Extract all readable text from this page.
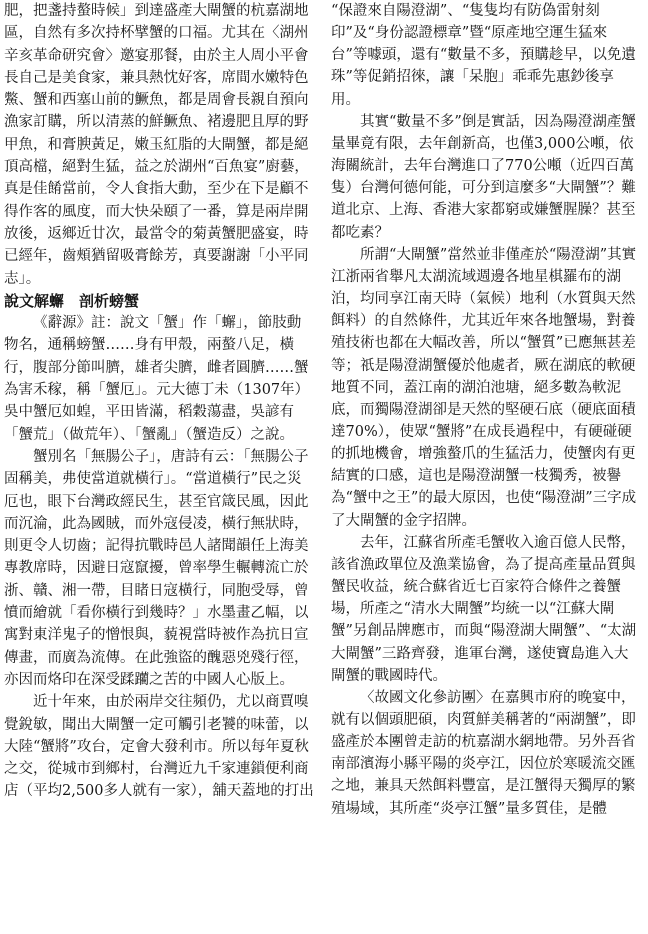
肥，把盞持螯時候」到達盛產大閘蟹的杭嘉湖地區，自然有多次持杯擘蟹的口福。尤其在〈湖州辛亥革命研究會〉邀宴那餐，由於主人周小平會長自己是美食家，兼具熱忱好客，席間水嫩特色鱉、蟹和西塞山前的鱖魚，都是周會長親自預向漁家訂購，所以清蒸的鮮鱖魚、褚邊肥且厚的野甲魚，和膏腴黃足，嫩玉紅脂的大閘蟹，都是絕頂高檔，絕對生猛，益之於湖州“百魚宴”廚藝，真是佳餚當前，令人食指大動，至少在下是顧不得作客的風度，而大快朵頤了一番，算是兩岸開放後，返鄉近廿次，最當令的菊黃蟹肥盛宴，時已經年，齒頰猶留吸膏餘芳，真要謝謝「小平同志」。

說文解蠏　剖析螃蟹

《辭源》註：說文「蟹」作「蠏」，節肢動物名，通稱螃蟹……身有甲殼，兩螯八足，橫行，腹部分節叫臍，雄者尖臍，雌者圓臍……蟹為害禾稼，稱「蟹厄」。元大德丁未（1307年）吳中蟹厄如蝗，平田皆滿，稻穀蕩盡，吳諺有「蟹荒」（做荒年）、「蟹亂」（蟹造反）之說。

蟹別名「無腸公子」，唐詩有云：「無腸公子固稱美，弗使當道就橫行」。“當道橫行”民之災厄也，眼下台灣政經民生，甚至官箴民風，因此而沉淪，此為國賊，而外寇侵凌，橫行無狀時，則更令人切齒；記得抗戰時邑人諸聞韻任上海美專教席時，因避日寇竄擾，曾率學生輾轉流亡於浙、贛、湘一帶，目睹日寇橫行，同胞受辱，曾憤而繪就「看你橫行到幾時？」水墨畫乙幅，以寓對東洋鬼子的憎恨與，藐視當時被作為抗日宣傳畫，而廣為流傳。在此強盜的醜惡兇殘行徑，亦因而烙印在深受蹂躪之苦的中國人心版上。

近十年來，由於兩岸交往頻仍，尤以商賈嗅覺銳敏，聞出大閘蟹一定可觸引老饕的味蕾，以大陸“蟹將”攻台，定會大發利市。所以每年夏秋之交，從城市到鄉村，台灣近九千家連鎖便利商店（平均2,500多人就有一家），舖天蓋地的打出

“保證來自陽澄湖”、“隻隻均有防偽雷射刻印”及“身份認證標章”暨“原產地空運生猛來台”等噱頭，還有“數量不多，預購趁早，以免遺珠”等促銷招徠，讓「呆胞」乖乖先惠鈔後享用。

其實“數量不多”倒是實話，因為陽澄湖產蟹量畢竟有限，去年創新高，也僅3,000公噸，依海關統計，去年台灣進口了770公噸（近四百萬隻）台灣何德何能，可分到這麼多“大閘蟹”？難道北京、上海、香港大家都窮或嫌蟹腥臊？甚至都吃素？

所謂“大閘蟹”當然並非僅產於“陽澄湖”其實江浙兩省舉凡太湖流域週邊各地星棋羅布的湖泊，均同享江南天時（氣候）地利（水質與天然餌料）的自然條件，尤其近年來各地蟹場，對養殖技術也都在大幅改善，所以“蟹質”已應無甚差等；祇是陽澄湖蟹優於他處者，厥在湖底的軟硬地質不同，蓋江南的湖泊池塘，絕多數為軟泥底，而獨陽澄湖卻是天然的堅硬石底（硬底面積達70%），使眾“蟹將”在成長過程中，有硬碰硬的抓地機會，增強螯爪的生猛活力，使蟹肉有更結實的口感，這也是陽澄湖蟹一枝獨秀，被譽為“蟹中之王”的最大原因，也使“陽澄湖”三字成了大閘蟹的金字招牌。

去年，江蘇省所產毛蟹收入逾百億人民幣，該省漁政單位及漁業協會，為了提高產量品質與蟹民收益，統合蘇省近七百家符合條件之養蟹場，所產之“清水大閘蟹”均統一以“江蘇大閘蟹”另創品牌應市，而與“陽澄湖大閘蟹”、“太湖大閘蟹”三路齊發，進軍台灣，遂使寶島進入大閘蟹的戰國時代。

〈故國文化參訪團〉在嘉興市府的晚宴中，就有以個頭肥碩，肉質鮮美稱著的“兩湖蟹”，即盛產於本團曾走訪的杭嘉湖水網地帶。另外吾省南部濱海小縣平陽的炎亭江，因位於寒暖流交匯之地，兼具天然餌料豐富，是江蟹得天獨厚的繁殖場域，其所產“炎亭江蟹”量多質佳，是體
